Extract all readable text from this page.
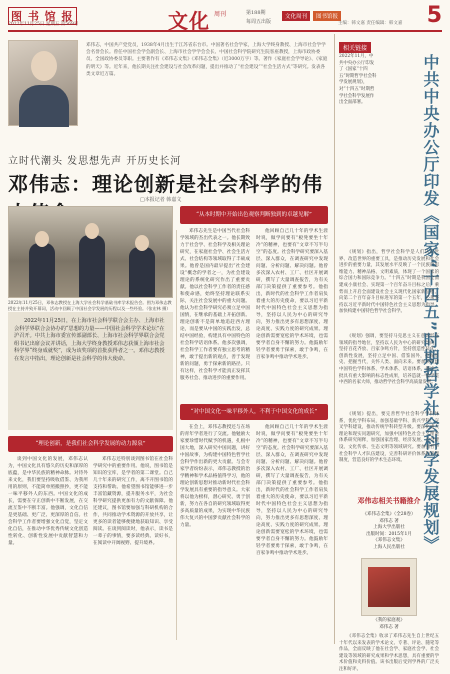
图 书 馆 报
2022年11月25日 星期五 第569号	文化 周刊	第188期
每周五出版
文化周刊	图书馆报
主编：韩文嘉 责任编辑：韩文嘉 5
邓伟志，中国共产党党员，1938年4月出生于江苏省东台市。中国著名社会学家，上海大学终身教授、上海市社会学学会名誉会长。曾任中国社会学会副会长、上海市社会学学会会长、中国社会科学院研究生院客座教授，上海市政协委员、全国政协委员等职。主要著作有《邓伟志文集》《邓伟志全集》（近3000万字）等。著作《家庭社会学导论》、《家庭的明天》等。近年来，他长期关注社会建设与社会改革问题，提出并推动了“社会建设”“社会生活方式”等研究。发表各类文章近万篇。
立时代潮头 发思想先声 开历史长河
邓伟志：理论创新是社会科学的伟
□本报记者 韩嘉文
2022年11月25日，邓伟志教授在上海大学社会科学基础书库学术报告会。图为邓伟志教授在主持并致开幕词，活动中回顾了中国社会学发展的历程以及一些经验。（张宏林 摄）
“从本时期中开始出色观察判断独到的卓越见解”
邓伟志先生是中国当代社会科学领域的杰出代表之一。他长期致力于社会学、社会科学及相关理论研究，在家庭社会学、社会生活方式、社会结构等领域取得了丰硕成果。他曾是国内最早提出“社会建设”概念的学者之一，为社会建设理论的系统化研究作出了重要贡献。他以社会科学工作者的责任感和使命感，始终坚持理论联系实际，关注社会发展中的重大问题。他认为社会科学研究必须立足中国国情，在继承的基础上开拓创新。理论创新不是简单地追赶西方理论，而是要从中国的实践出发，总结中国经验，构建具有中国特色的社会科学话语体系。他多次强调，社会科学工作者要有独立思考的精神，敢于提出新的观点，善于发现新的问题，勇于探索新的路径。只有这样，社会科学才能真正发挥其服务社会、推动进步的重要作用。
他回顾自己几十年的学术生涯时说，做学问要有“板凳要坐十年冷”的精神，也要有“文章不写半句空”的态度。社会科学研究要深入基层、深入群众，在调查研究中发现问题、分析问题、解决问题。他曾多次深入农村、工厂、社区开展调研，撰写了大量调查报告，为有关部门决策提供了重要参考。他指出，新时代的社会科学工作者肩负着重大的历史使命，要以习近平新时代中国特色社会主义思想为指导，坚持以人民为中心的研究导向，努力推出更多有思想深度、理论高度、实践力度的研究成果。理论创新需要宽松的学术环境，也需要学者自身不懈的努力。他鼓励年轻学者要勇于探索，敢于争鸣，在百家争鸣中推动学术进步。

2022年11月25日，在上海市社会科学联合会主办、上海市社会科学界联合会协办的“思想的力量——中国社会科学学术论坛”在沪召开。中共上海市委宣传部副部长、上海市社会科学界联合会党组书记出席会议并讲话，上海大学终身教授邓伟志获颁上海市社会科学界“终身成就奖”，成为该奖项的首批获得者之一。邓伟志教授在发言中指出，理论创新是社会科学的伟大使命。

“理论创新，是我们社会科学发展的动力源泉”
“对中国文化一味平移外人，不利于中国文化的成长”
谈到中国文化的发展，邓伟志认为，中国文化具有悠久的历史和深厚的底蕴，是中华民族的精神命脉。对待外来文化，我们要坚持吸收借鉴、为我所用的原则，不能简单照搬照抄，更不能一味平移外人的东西。中国文化的成长，需要在守正创新中不断发展，在交流互鉴中不断丰富。他强调，文化自信是更基础、更广泛、更深厚的自信。社会科学工作者要增强文化自觉，坚定文化自信，在推动中华优秀传统文化创造性转化、创新性发展中贡献智慧和力量。
邓伟志还特别谈到图书馆在社会科学研究中的重要作用。他说，图书馆是知识的宝库，是学者的第二课堂。自己几十年来的研究工作，离不开图书馆的支持和帮助。他希望图书馆能够进一步丰富馆藏资源，提升服务水平，为社会科学研究提供更加有力的文献保障。他还建议，图书馆要加强与科研机构的合作，共同推动学术资源的开放共享，让更多的读者能够便捷地获取知识、享受阅读。在谈到阅读时，他表示，读书是一辈子的事情，要多读经典、读好书，在阅读中开阔视野、提升境界。
在会上，邓伟志教授还与在场的青年学者进行了交流。他勉励大家要珍惜时代赋予的机遇，扎根中国大地，深入研究中国问题，讲好中国故事，为构建中国特色哲学社会科学作出新的更大贡献。与会专家学者纷纷表示，邓伟志教授的治学精神和学术品格值得学习，他的理论创新思想对推动新时代社会科学发展具有重要的指导意义。大家将以他为榜样，潜心研究、勇于创新，努力在各自的研究领域取得更多高质量的成果，为实现中华民族伟大复兴的中国梦贡献社会科学的力量。
他回顾自己几十年的学术生涯时说，做学问要有“板凳要坐十年冷”的精神，也要有“文章不写半句空”的态度。社会科学研究要深入基层、深入群众，在调查研究中发现问题、分析问题、解决问题。他曾多次深入农村、工厂、社区开展调研，撰写了大量调查报告，为有关部门决策提供了重要参考。他指出，新时代的社会科学工作者肩负着重大的历史使命，要以习近平新时代中国特色社会主义思想为指导，坚持以人民为中心的研究导向，努力推出更多有思想深度、理论高度、实践力度的研究成果。理论创新需要宽松的学术环境，也需要学者自身不懈的努力。他鼓励年轻学者要勇于探索，敢于争鸣，在百家争鸣中推动学术进步。
相关链接
2022年11月，中共中央办公厅印发了《国家“十四五”时期哲学社会科学发展规划》，对“十四五”时期哲学社会科学发展作出全面部署。	中共中央办公厅印发《国家“十四五”时期哲学社会科学发展规划》
《规划》指出，哲学社会科学是人们认识世界、改造世界的重要工具，是推动历史发展和社会进步的重要力量，其发展水平反映了一个民族的思维能力、精神品格、文明素质，体现了一个国家的综合国力和国际竞争力。“十四五”时期是我国全面建成小康社会、实现第一个百年奋斗目标之后，乘势而上开启全面建设社会主义现代化国家新征程、向第二个百年奋斗目标进军的第一个五年，必须坚持以习近平新时代中国特色社会主义思想为指导，加快构建中国特色哲学社会科学。
《规划》强调，要坚持马克思主义在意识形态领域的指导地位，坚持以人民为中心的研究导向，坚持百花齐放、百家争鸣方针，坚持创造性转化、创新性发展，坚持立足中国、借鉴国外，挖掘历史、把握当代，关怀人类、面向未来。要加快构建中国特色学科体系、学术体系、话语体系，推出一批具有重大影响的标志性成果，培养造就一批学贯中西的名家大师，推动哲学社会科学高质量发展。
《规划》提出，要完善哲学社会科学学科体系，优化学科布局，加强基础学科、新兴学科、交叉学科建设，推动传统学科转型升级。要深化重大理论和现实问题研究，加强中国特色社会主义理论体系研究阐释，加强国家治理、经济发展、社会建设、文化传承、生态文明等领域研究。要加强哲学社会科学人才队伍建设，完善科研评价体系和管理制度，营造良好的学术生态环境。
邓伟志相关书籍推介
《邓伟志全集》（全28卷）
邓伟志 著
上海大学出版社
出版时间：2015年1月
《邓伟志文集》
上海人民出版社
《我的家庭观》
邓伟志 著
《邓伟志全集》收录了邓伟志先生自上世纪五十年代以来发表的学术论文、专著、评论、随笔等作品，全面反映了他在社会学、家庭社会学、社会建设等领域的研究成果和学术思想，具有重要的学术价值和史料价值。该书出版后受到学界的广泛关注和好评。
